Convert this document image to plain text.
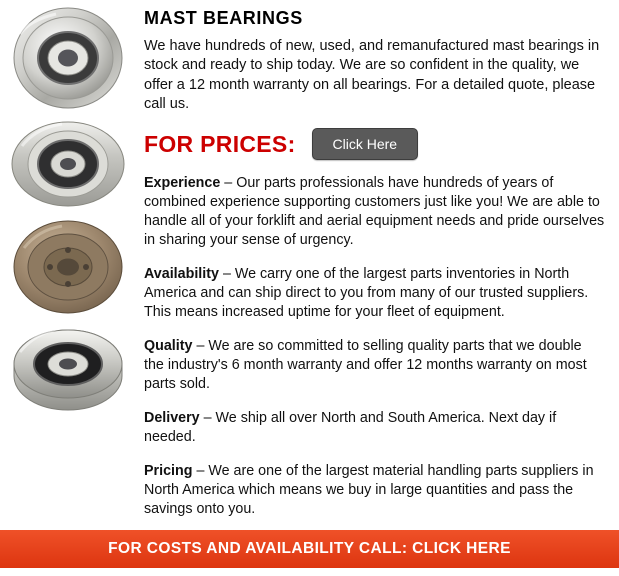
MAST BEARINGS

We have hundreds of new, used, and remanufactured mast bearings in stock and ready to ship today. We are so confident in the quality, we offer a 12 month warranty on all bearings. For a detailed quote, please call us.

FOR PRICES:	Click Here

Experience – Our parts professionals have hundreds of years of combined experience supporting customers just like you! We are able to handle all of your forklift and aerial equipment needs and pride ourselves in sharing your sense of urgency.

Availability – We carry one of the largest parts inventories in North America and can ship direct to you from many of our trusted suppliers. This means increased uptime for your fleet of equipment.

Quality – We are so committed to selling quality parts that we double the industry's 6 month warranty and offer 12 months warranty on most parts sold.

Delivery – We ship all over North and South America. Next day if needed.

Pricing – We are one of the largest material handling parts suppliers in North America which means we buy in large quantities and pass the savings onto you.

FOR COSTS AND AVAILABILITY CALL: CLICK HERE
